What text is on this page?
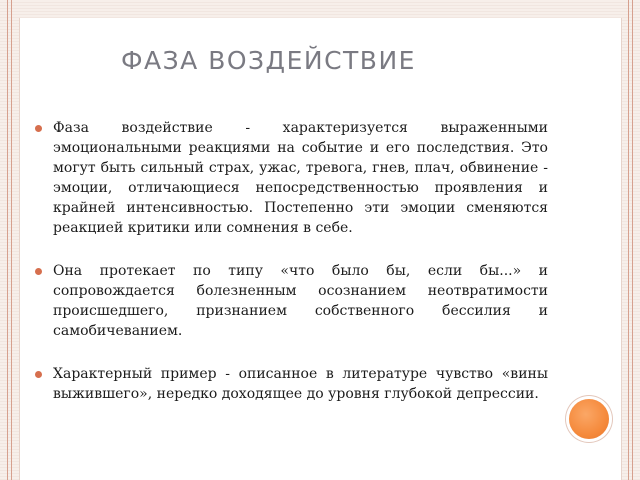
ФАЗА ВОЗДЕЙСТВИЕ
Фаза воздействие - характеризуется выраженными эмоциональными реакциями на событие и его последствия. Это могут быть сильный страх, ужас, тревога, гнев, плач, обвинение - эмоции, отличающиеся непосредственностью проявления и крайней интенсивностью. Постепенно эти эмоции сменяются реакцией критики или сомнения в себе.
Она протекает по типу «что было бы, если бы...» и сопровождается болезненным осознанием неотвратимости происшедшего, признанием собственного бессилия и самобичеванием.
Характерный пример - описанное в литературе чувство «вины выжившего», нередко доходящее до уровня глубокой депрессии.
